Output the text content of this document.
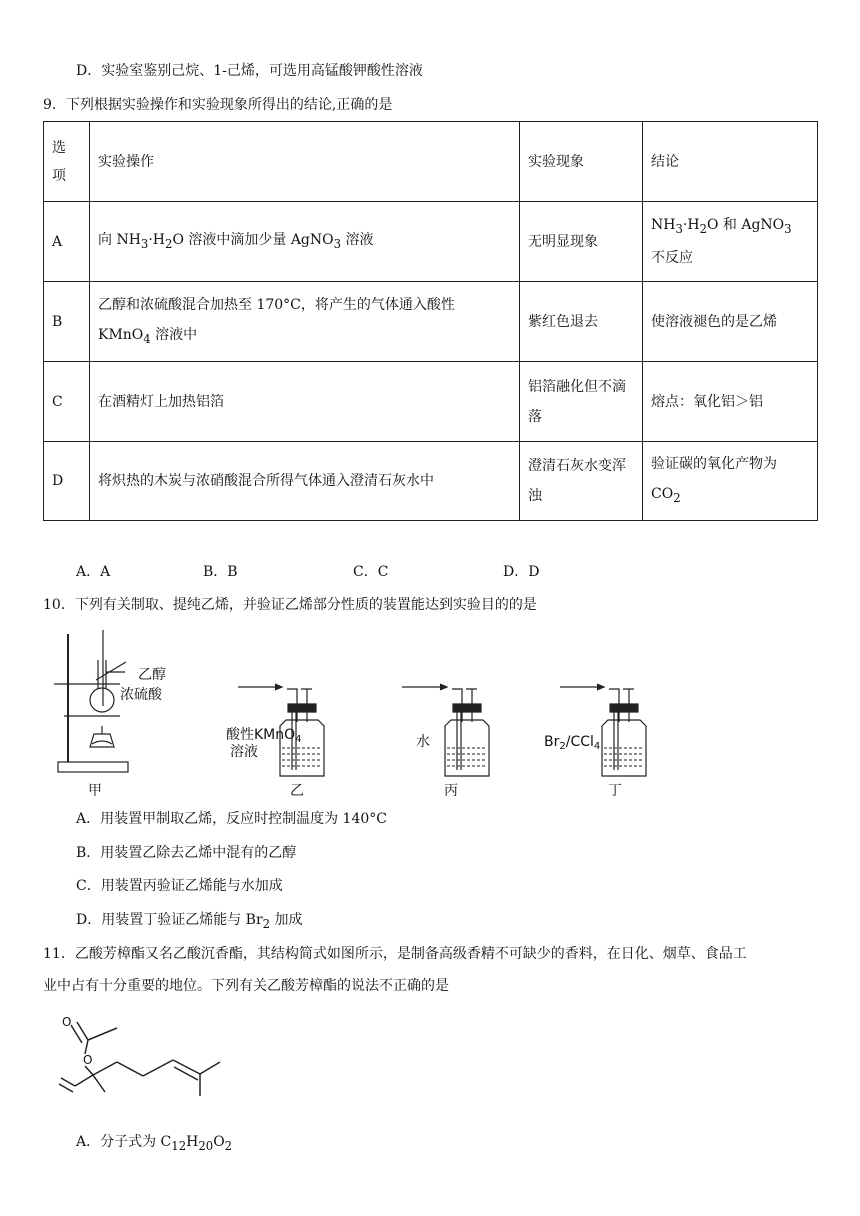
D．实验室鉴别己烷、1-己烯，可选用高锰酸钾酸性溶液
9．下列根据实验操作和实验现象所得出的结论,正确的是
选
项	实验操作	实验现象	结论
A	向 $NH_3\cdot H_2O$ 溶液中滴加少量 AgNO$_3$ 溶液	无明显现象	$NH_3\cdot H_2O$ 和 AgNO$_3$ 不反应
B	乙醇和浓硫酸混合加热至 170°C，将产生的气体通入酸性
KMnO$_4$ 溶液中	紫红色退去	使溶液褪色的是乙烯
C	在酒精灯上加热铝箔	铝箔融化但不滴落	熔点：氧化铝＞铝
D	将炽热的木炭与浓硝酸混合所得气体通入澄清石灰水中	澄清石灰水变浑浊	验证碳的氧化产物为 $CO_2$
A．A	B．B	C．C	D．D
10．下列有关制取、提纯乙烯，并验证乙烯部分性质的装置能达到实验目的的是
乙醇
浓硫酸
甲
酸性KMnO$_4$
溶液
乙
水
丙
$Br_2/CCl_4$
丁
A．用装置甲制取乙烯，反应时控制温度为 140°C
B．用装置乙除去乙烯中混有的乙醇
C．用装置丙验证乙烯能与水加成
D．用装置丁验证乙烯能与 $Br_2$ 加成
11．乙酸芳樟酯又名乙酸沉香酯，其结构简式如图所示，是制备高级香精不可缺少的香料，在日化、烟草、食品工
业中占有十分重要的地位。下列有关乙酸芳樟酯的说法不正确的是
O
O
A．分子式为 $C_{12}H_{20}O_2$
